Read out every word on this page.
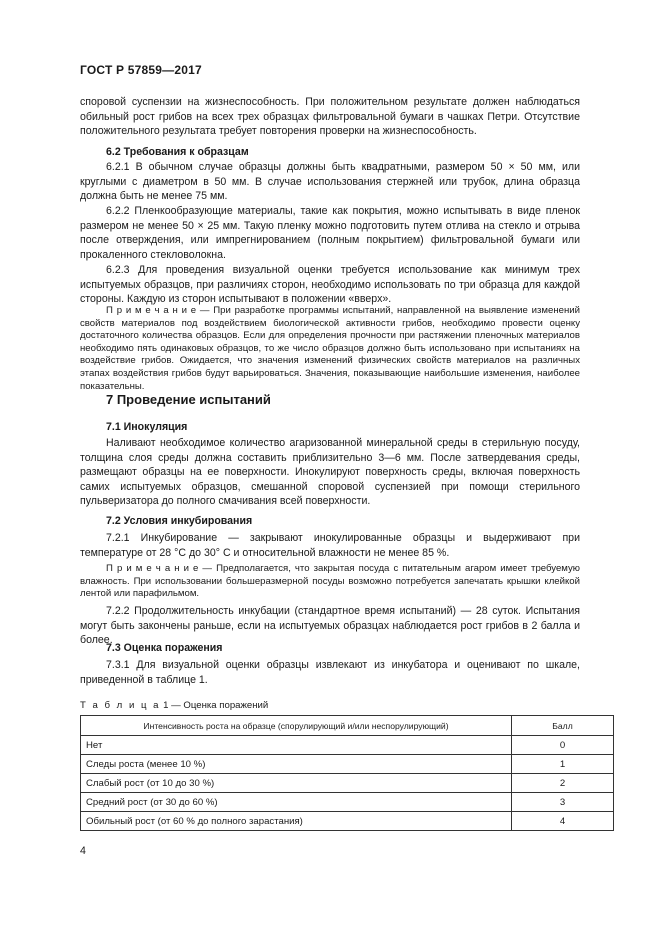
ГОСТ Р 57859—2017

споровой суспензии на жизнеспособность. При положительном результате должен наблюдаться обильный рост грибов на всех трех образцах фильтровальной бумаги в чашках Петри. Отсутствие положительного результата требует повторения проверки на жизнеспособность.

6.2 Требования к образцам

6.2.1 В обычном случае образцы должны быть квадратными, размером 50 × 50 мм, или круглыми с диаметром в 50 мм. В случае использования стержней или трубок, длина образца должна быть не менее 75 мм.

6.2.2 Пленкообразующие материалы, такие как покрытия, можно испытывать в виде пленок размером не менее 50 × 25 мм. Такую пленку можно подготовить путем отлива на стекло и отрыва после отверждения, или импрегнированием (полным покрытием) фильтровальной бумаги или прокаленного стекловолокна.

6.2.3 Для проведения визуальной оценки требуется использование как минимум трех испытуемых образцов, при различиях сторон, необходимо использовать по три образца для каждой стороны. Каждую из сторон испытывают в положении «вверх».

П р и м е ч а н и е — При разработке программы испытаний, направленной на выявление изменений свойств материалов под воздействием биологической активности грибов, необходимо провести оценку достаточного количества образцов. Если для определения прочности при растяжении пленочных материалов необходимо пять одинаковых образцов, то же число образцов должно быть использовано при испытаниях на воздействие грибов. Ожидается, что значения изменений физических свойств материалов на различных этапах воздействия грибов будут варьироваться. Значения, показывающие наибольшие изменения, наиболее показательны.

7 Проведение испытаний

7.1 Инокуляция

Наливают необходимое количество агаризованной минеральной среды в стерильную посуду, толщина слоя среды должна составить приблизительно 3—6 мм. После затвердевания среды, размещают образцы на ее поверхности. Инокулируют поверхность среды, включая поверхность самих испытуемых образцов, смешанной споровой суспензией при помощи стерильного пульверизатора до полного смачивания всей поверхности.

7.2 Условия инкубирования

7.2.1 Инкубирование — закрывают инокулированные образцы и выдерживают при температуре от 28 °С до 30° С и относительной влажности не менее 85 %.

П р и м е ч а н и е — Предполагается, что закрытая посуда с питательным агаром имеет требуемую влажность. При использовании большеразмерной посуды возможно потребуется запечатать крышки клейкой лентой или парафильмом.

7.2.2 Продолжительность инкубации (стандартное время испытаний) — 28 суток. Испытания могут быть закончены раньше, если на испытуемых образцах наблюдается рост грибов в 2 балла и более.

7.3 Оценка поражения

7.3.1 Для визуальной оценки образцы извлекают из инкубатора и оценивают по шкале, приведенной в таблице 1.

Т а б л и ц а 1 — Оценка поражений
Интенсивность роста на образце (спорулирующий и/или неспорулирующий)	Балл
Нет	0
Следы роста (менее 10 %)	1
Слабый рост (от 10 до 30 %)	2
Средний рост (от 30 до 60 %)	3
Обильный рост (от 60 % до полного зарастания)	4
4
